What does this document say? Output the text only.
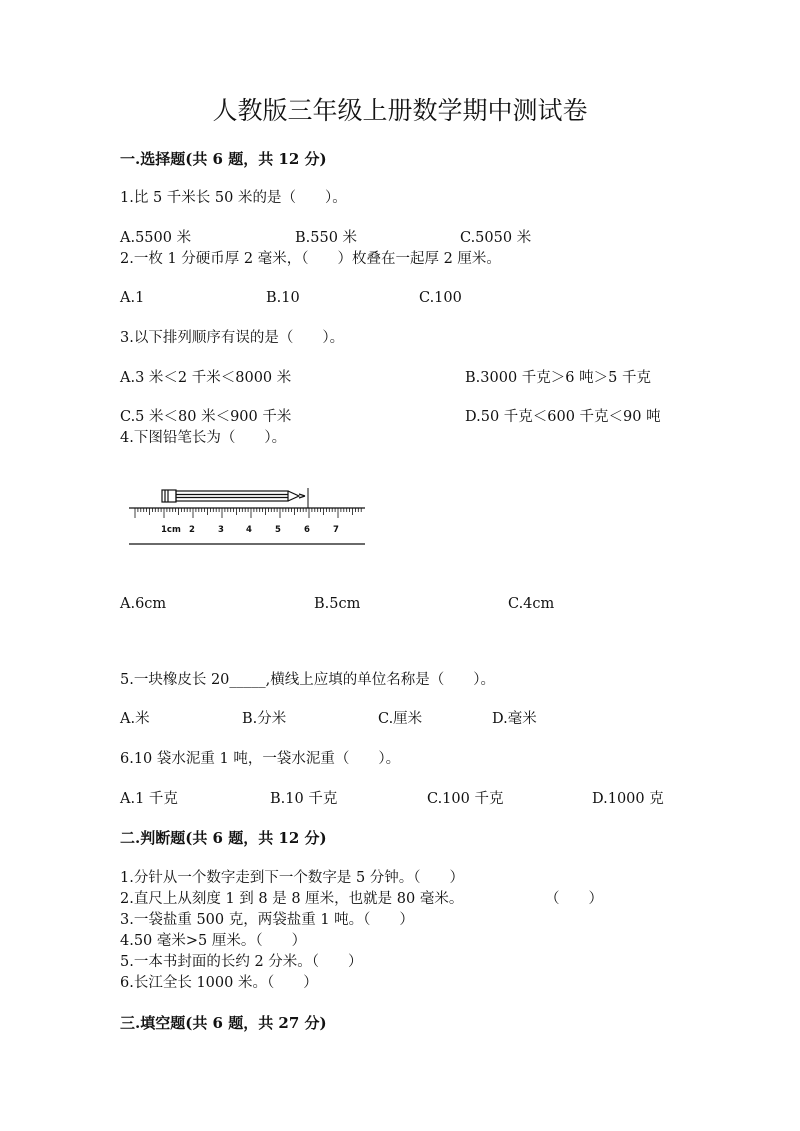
人教版三年级上册数学期中测试卷
一.选择题(共 6 题，共 12 分)
1.比 5 千米长 50 米的是（　　）。
A.5500 米	B.550 米	C.5050 米
2.一枚 1 分硬币厚 2 毫米，（　　）枚叠在一起厚 2 厘米。
A.1	B.10	C.100
3.以下排列顺序有误的是（　　）。
A.3 米＜2 千米＜8000 米	B.3000 千克＞6 吨＞5 千克
C.5 米＜80 米＜900 千米	D.50 千克＜600 千克＜90 吨
4.下图铅笔长为（　　）。
1cm 2	3	4	5	6	7
A.6cm	B.5cm	C.4cm
5.一块橡皮长 20_____,横线上应填的单位名称是（　　）。
A.米	B.分米	C.厘米	D.毫米
6.10 袋水泥重 1 吨，一袋水泥重（　　）。
A.1 千克	B.10 千克	C.100 千克	D.1000 克
二.判断题(共 6 题，共 12 分)
1.分针从一个数字走到下一个数字是 5 分钟。（　　）
2.直尺上从刻度 1 到 8 是 8 厘米，也就是 80 毫米。	（　　）
3.一袋盐重 500 克，两袋盐重 1 吨。（　　）
4.50 毫米>5 厘米。（　　）
5.一本书封面的长约 2 分米。（　　）
6.长江全长 1000 米。（　　）
三.填空题(共 6 题，共 27 分)
